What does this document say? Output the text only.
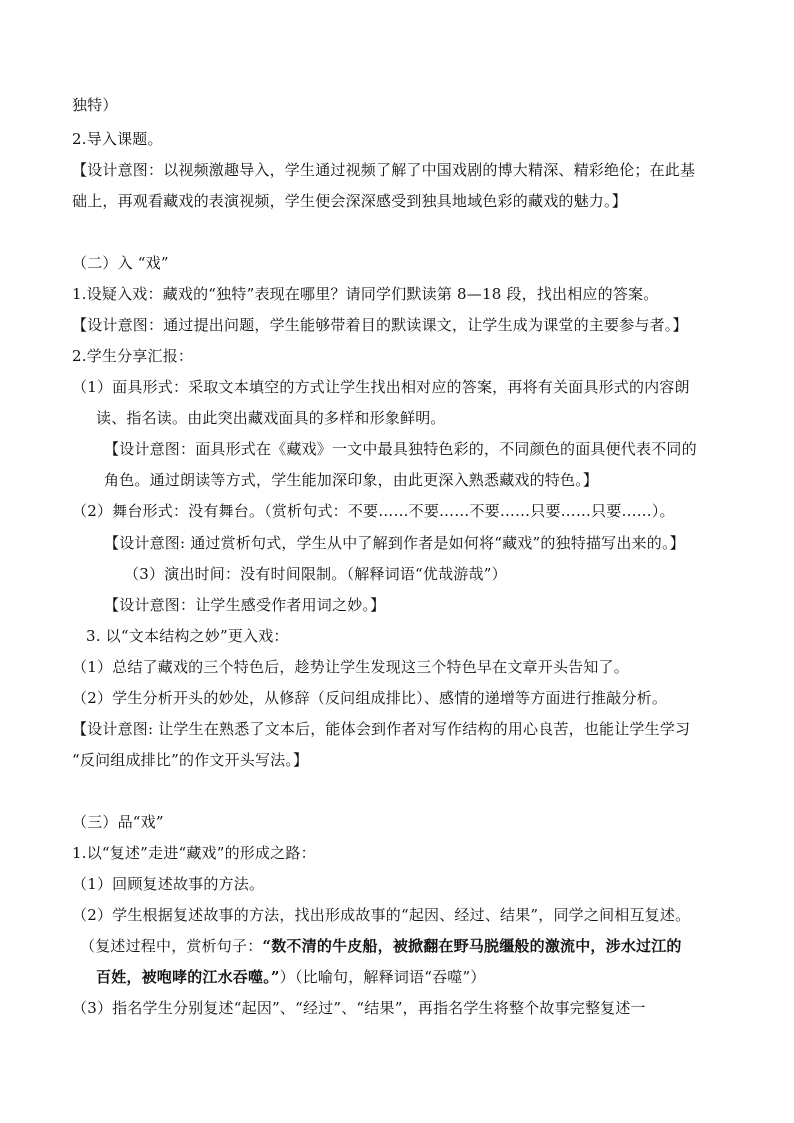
独特）
2.导入课题。
【设计意图：以视频激趣导入，学生通过视频了解了中国戏剧的博大精深、精彩绝伦；在此基
础上，再观看藏戏的表演视频，学生便会深深感受到独具地域色彩的藏戏的魅力。】
（二）入 “戏”
1.设疑入戏：藏戏的“独特”表现在哪里？请同学们默读第 8—18 段，找出相应的答案。
【设计意图：通过提出问题，学生能够带着目的默读课文，让学生成为课堂的主要参与者。】
2.学生分享汇报：
（1）面具形式：采取文本填空的方式让学生找出相对应的答案，再将有关面具形式的内容朗
读、指名读。由此突出藏戏面具的多样和形象鲜明。
【设计意图：面具形式在《藏戏》一文中最具独特色彩的，不同颜色的面具便代表不同的
角色。通过朗读等方式，学生能加深印象，由此更深入熟悉藏戏的特色。】
（2）舞台形式：没有舞台。（赏析句式：不要……不要……不要……只要……只要……）。
【设计意图: 通过赏析句式，学生从中了解到作者是如何将“藏戏”的独特描写出来的。】
（3）演出时间：没有时间限制。（解释词语“优哉游哉”）
【设计意图：让学生感受作者用词之妙。】
3. 以“文本结构之妙”更入戏：
（1）总结了藏戏的三个特色后，趁势让学生发现这三个特色早在文章开头告知了。
（2）学生分析开头的妙处，从修辞（反问组成排比）、感情的递增等方面进行推敲分析。
【设计意图: 让学生在熟悉了文本后，能体会到作者对写作结构的用心良苦，也能让学生学习
“反问组成排比”的作文开头写法。】
（三）品“戏”
1.以“复述”走进“藏戏”的形成之路：
（1）回顾复述故事的方法。
（2）学生根据复述故事的方法，找出形成故事的“起因、经过、结果”，同学之间相互复述。
（复述过程中，赏析句子：“数不清的牛皮船，被掀翻在野马脱缰般的激流中，涉水过江的
百姓，被咆哮的江水吞噬。”）（比喻句，解释词语“吞噬”）
（3）指名学生分别复述“起因”、“经过”、“结果”，再指名学生将整个故事完整复述一
